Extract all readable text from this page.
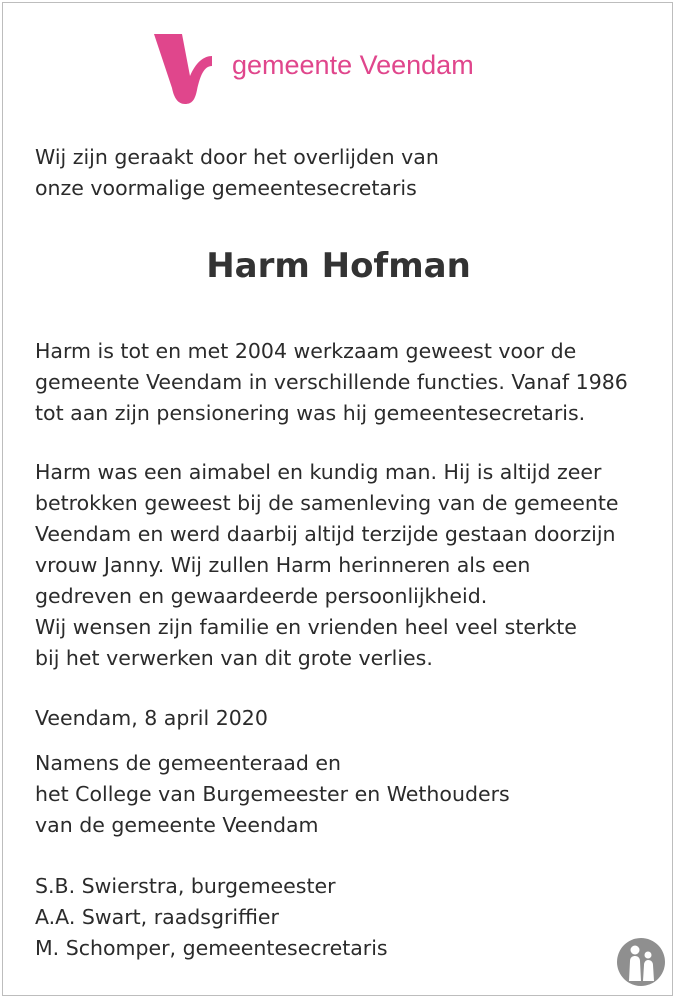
gemeente Veendam
Wij zijn geraakt door het overlijden van
onze voormalige gemeentesecretaris
Harm Hofman
Harm is tot en met 2004 werkzaam geweest voor de
gemeente Veendam in verschillende functies. Vanaf 1986
tot aan zijn pensionering was hij gemeentesecretaris.
Harm was een aimabel en kundig man. Hij is altijd zeer
betrokken geweest bij de samenleving van de gemeente
Veendam en werd daarbij altijd terzijde gestaan doorzijn
vrouw Janny. Wij zullen Harm herinneren als een
gedreven en gewaardeerde persoonlijkheid.
Wij wensen zijn familie en vrienden heel veel sterkte
bij het verwerken van dit grote verlies.
Veendam, 8 april 2020
Namens de gemeenteraad en
het College van Burgemeester en Wethouders
van de gemeente Veendam
S.B. Swierstra, burgemeester
A.A. Swart, raadsgriffier
M. Schomper, gemeentesecretaris
